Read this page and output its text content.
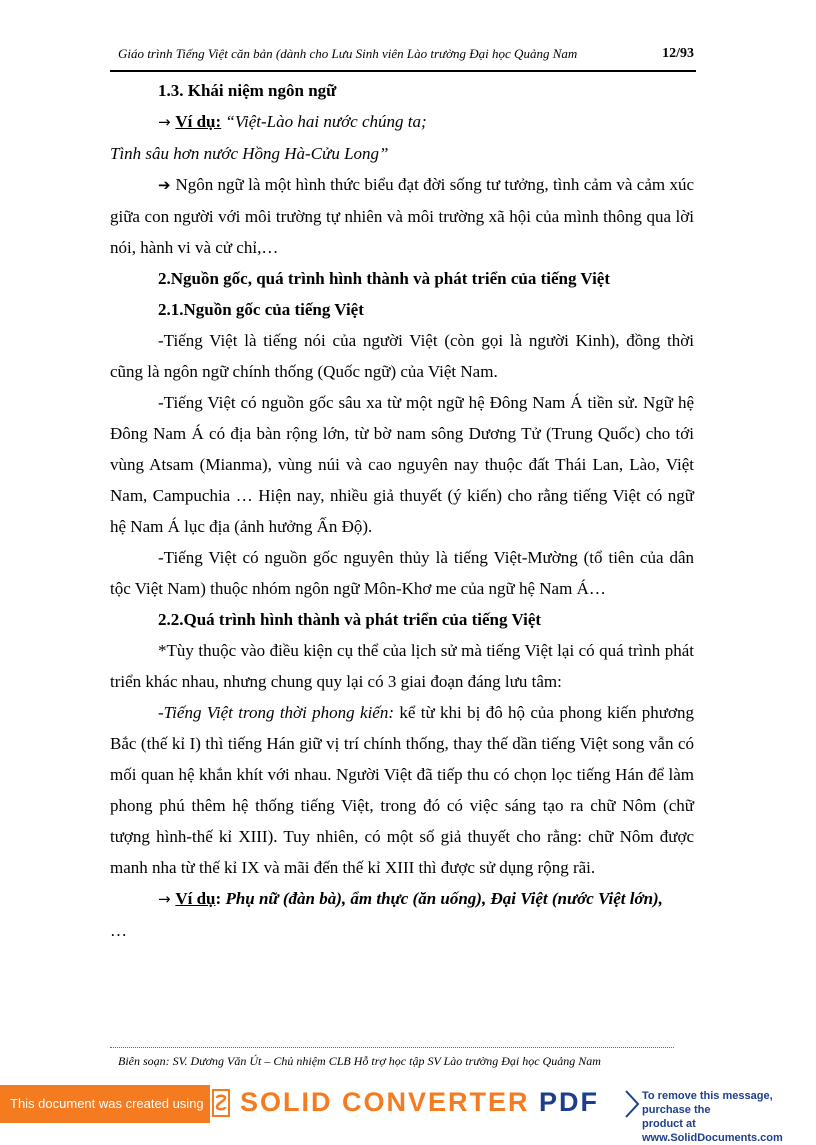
Giáo trình Tiếng Việt căn bản (dành cho Lưu Sinh viên Lào trường Đại học Quảng Nam	12/93

1.3. Khái niệm ngôn ngữ

→ Ví dụ: “Việt-Lào hai nước chúng ta;

Tình sâu hơn nước Hồng Hà-Cửu Long”

➔ Ngôn ngữ là một hình thức biểu đạt đời sống tư tưởng, tình cảm và cảm xúc giữa con người với môi trường tự nhiên và môi trường xã hội của mình thông qua lời nói, hành vi và cử chỉ,…

2.Nguồn gốc, quá trình hình thành và phát triển của tiếng Việt

2.1.Nguồn gốc của tiếng Việt

-Tiếng Việt là tiếng nói của người Việt (còn gọi là người Kinh), đồng thời cũng là ngôn ngữ chính thống (Quốc ngữ) của Việt Nam.

-Tiếng Việt có nguồn gốc sâu xa từ một ngữ hệ Đông Nam Á tiền sử. Ngữ hệ Đông Nam Á có địa bàn rộng lớn, từ bờ nam sông Dương Tử (Trung Quốc) cho tới vùng Atsam (Mianma), vùng núi và cao nguyên nay thuộc đất Thái Lan, Lào, Việt Nam, Campuchia … Hiện nay, nhiều giả thuyết (ý kiến) cho rằng tiếng Việt có ngữ hệ Nam Á lục địa (ảnh hưởng Ấn Độ).

-Tiếng Việt có nguồn gốc nguyên thủy là tiếng Việt-Mường (tổ tiên của dân tộc Việt Nam) thuộc nhóm ngôn ngữ Môn-Khơ me của ngữ hệ Nam Á…

2.2.Quá trình hình thành và phát triển của tiếng Việt

*Tùy thuộc vào điều kiện cụ thể của lịch sử mà tiếng Việt lại có quá trình phát triển khác nhau, nhưng chung quy lại có 3 giai đoạn đáng lưu tâm:

-Tiếng Việt trong thời phong kiến: kể từ khi bị đô hộ của phong kiến phương Bắc (thế kỉ I) thì tiếng Hán giữ vị trí chính thống, thay thế dần tiếng Việt song vẫn có mối quan hệ khắn khít với nhau. Người Việt đã tiếp thu có chọn lọc tiếng Hán để làm phong phú thêm hệ thống tiếng Việt, trong đó có việc sáng tạo ra chữ Nôm (chữ tượng hình-thế kỉ XIII). Tuy nhiên, có một số giả thuyết cho rằng: chữ Nôm được manh nha từ thế kỉ IX và mãi đến thế kỉ XIII thì được sử dụng rộng rãi.

→ Ví dụ: Phụ nữ (đàn bà), ẩm thực (ăn uống), Đại Việt (nước Việt lớn),

…

Biên soạn: SV. Dương Văn Út – Chủ nhiệm CLB Hỗ trợ học tập SV Lào trường Đại học Quảng Nam
This document was created using SOLID CONVERTER PDF	To remove this message, purchase the
product at www.SolidDocuments.com
